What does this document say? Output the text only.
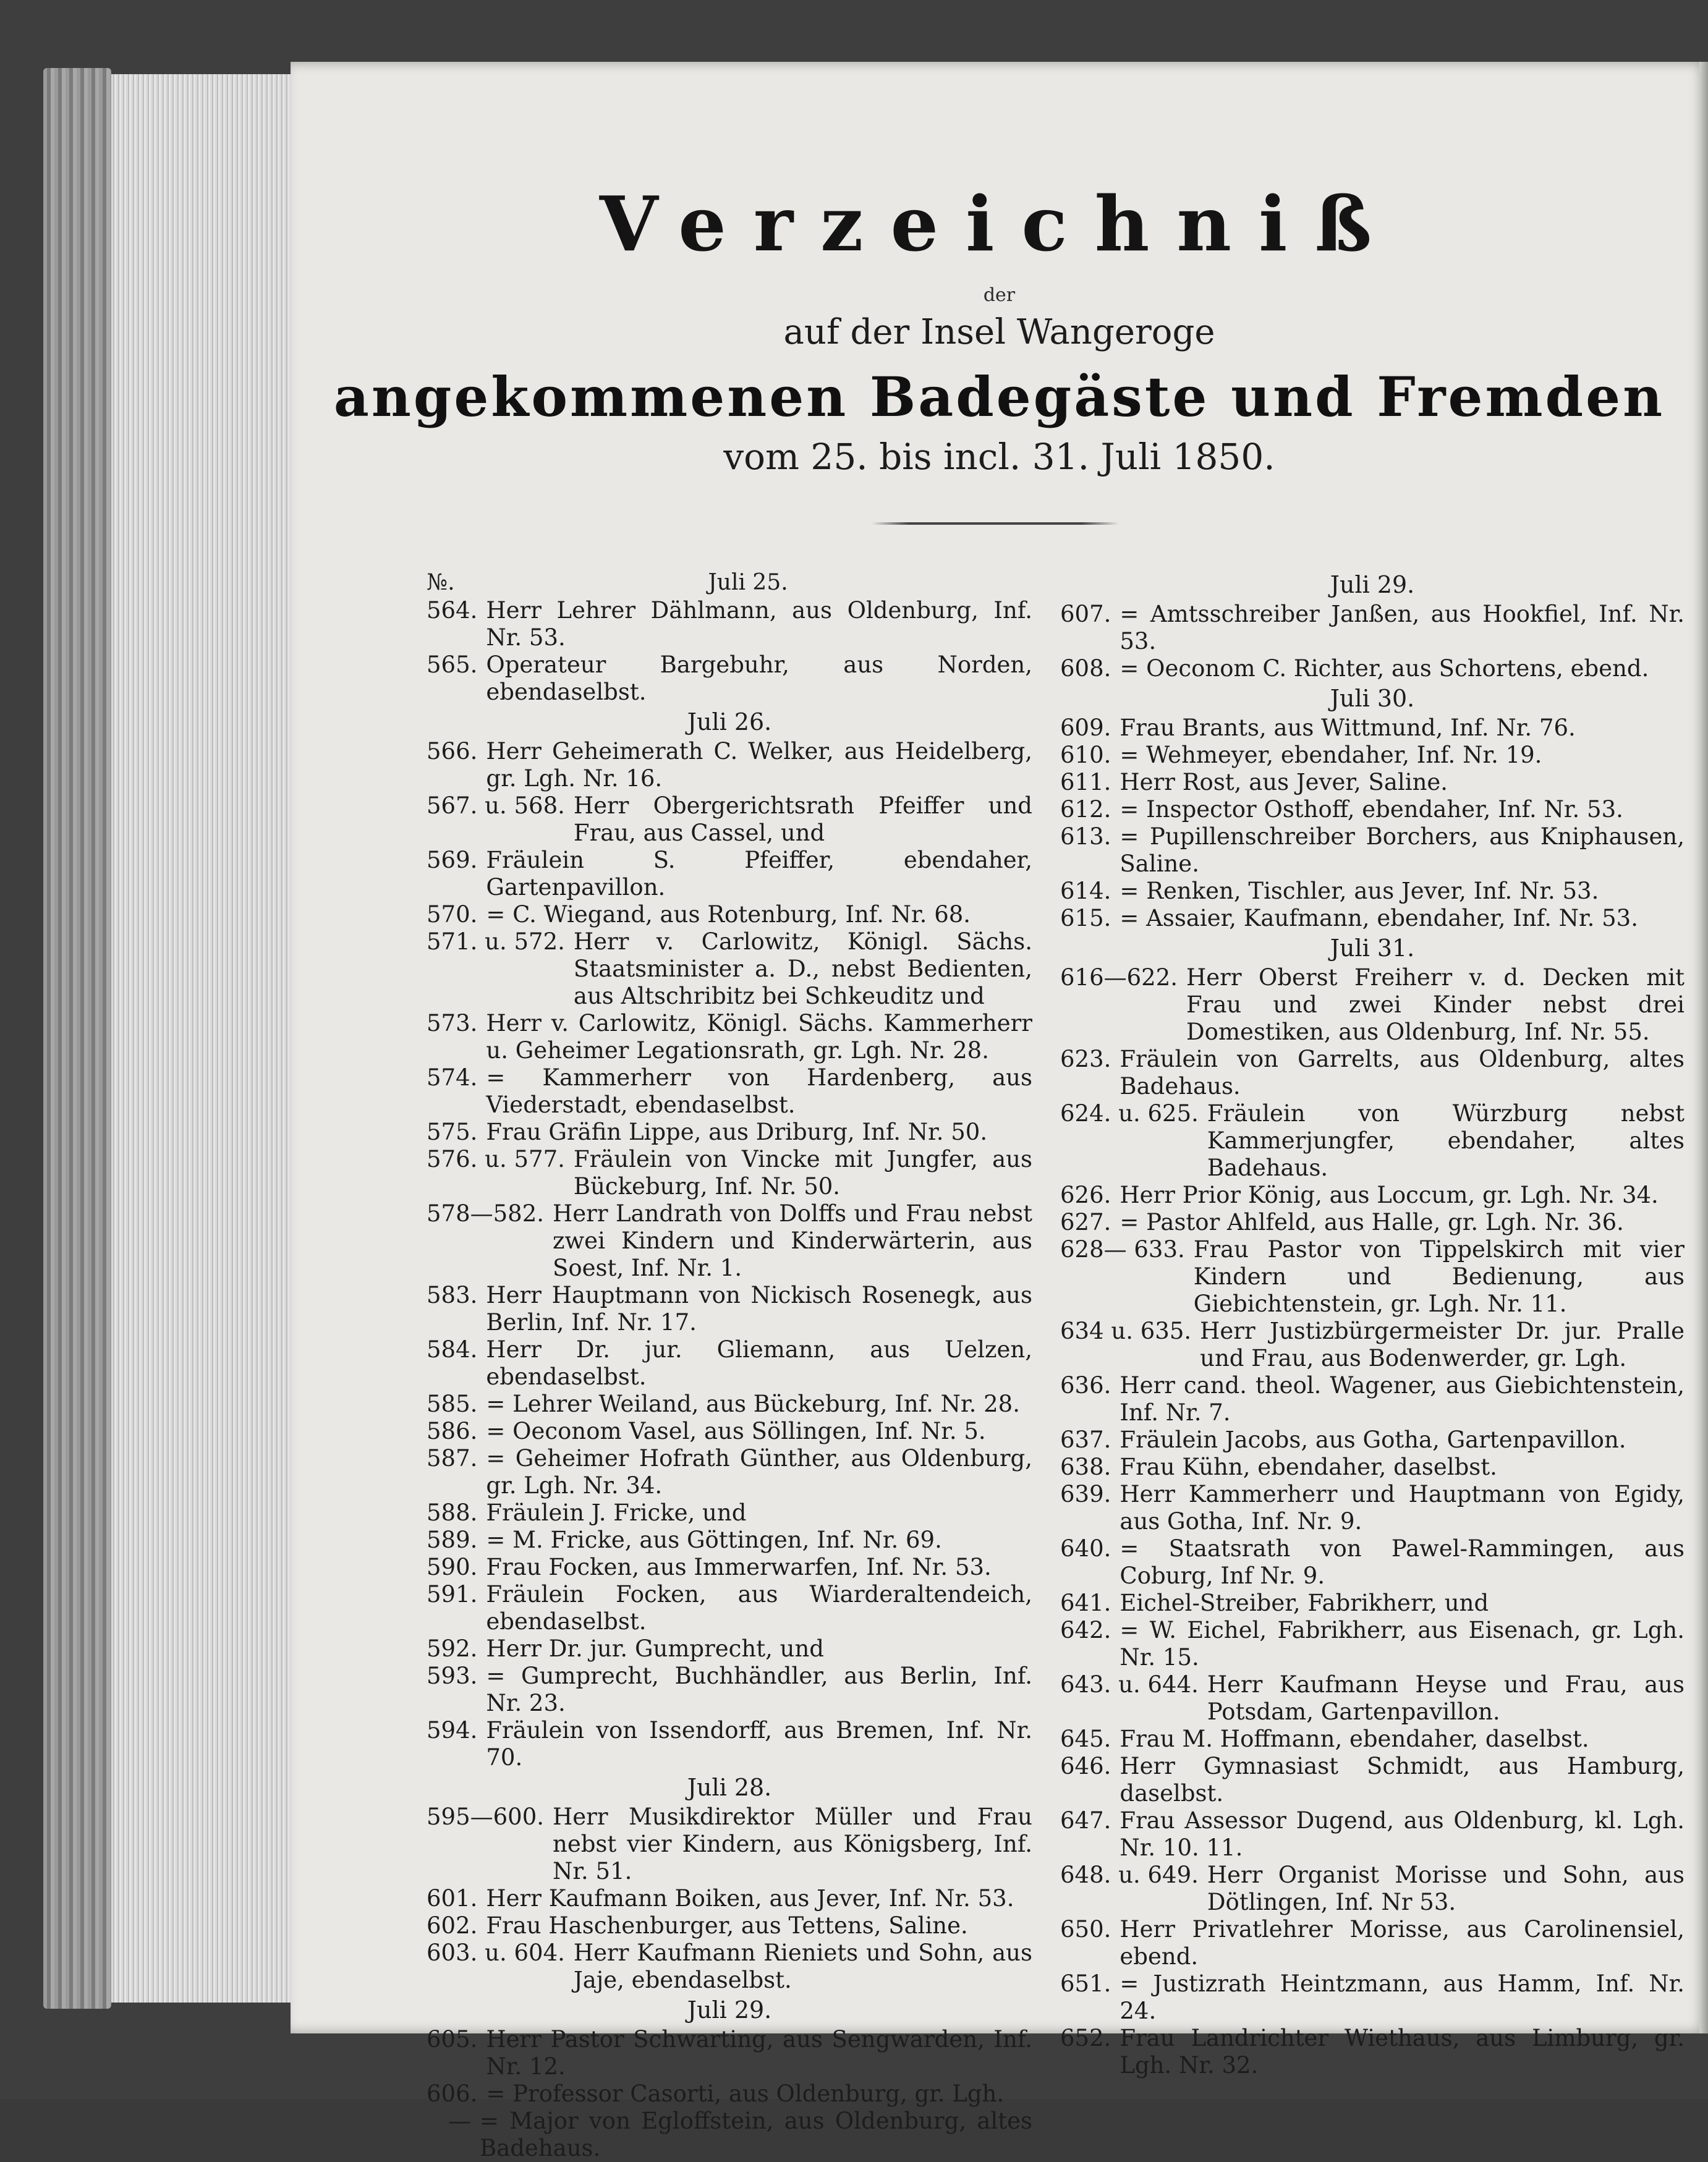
Verzeichniß
der
auf der Insel Wangeroge
angekommenen Badegäste und Fremden
vom 25. bis incl. 31. Juli 1850.
№.	Juli 25.
564. Herr Lehrer Dählmann, aus Oldenburg, Inf. Nr. 53.
565. Operateur Bargebuhr, aus Norden, ebendaselbst.
Juli 26.
566. Herr Geheimerath C. Welker, aus Heidelberg, gr. Lgh. Nr. 16.
567. u. 568. Herr Obergerichtsrath Pfeiffer und Frau, aus Cassel, und
569. Fräulein S. Pfeiffer, ebendaher, Gartenpavillon.
570. = C. Wiegand, aus Rotenburg, Inf. Nr. 68.
571. u. 572. Herr v. Carlowitz, Königl. Sächs. Staatsminister a. D., nebst Bedienten, aus Altschribitz bei Schkeuditz und
573. Herr v. Carlowitz, Königl. Sächs. Kammerherr u. Geheimer Legationsrath, gr. Lgh. Nr. 28.
574. = Kammerherr von Hardenberg, aus Viederstadt, ebendaselbst.
575. Frau Gräfin Lippe, aus Driburg, Inf. Nr. 50.
576. u. 577. Fräulein von Vincke mit Jungfer, aus Bückeburg, Inf. Nr. 50.
578—582. Herr Landrath von Dolffs und Frau nebst zwei Kindern und Kinderwärterin, aus Soest, Inf. Nr. 1.
583. Herr Hauptmann von Nickisch Rosenegk, aus Berlin, Inf. Nr. 17.
584. Herr Dr. jur. Gliemann, aus Uelzen, ebendaselbst.
585. = Lehrer Weiland, aus Bückeburg, Inf. Nr. 28.
586. = Oeconom Vasel, aus Söllingen, Inf. Nr. 5.
587. = Geheimer Hofrath Günther, aus Oldenburg, gr. Lgh. Nr. 34.
588. Fräulein J. Fricke, und
589. = M. Fricke, aus Göttingen, Inf. Nr. 69.
590. Frau Focken, aus Immerwarfen, Inf. Nr. 53.
591. Fräulein Focken, aus Wiarderaltendeich, ebendaselbst.
592. Herr Dr. jur. Gumprecht, und
593. = Gumprecht, Buchhändler, aus Berlin, Inf. Nr. 23.
594. Fräulein von Issendorff, aus Bremen, Inf. Nr. 70.
Juli 28.
595—600. Herr Musikdirektor Müller und Frau nebst vier Kindern, aus Königsberg, Inf. Nr. 51.
601. Herr Kaufmann Boiken, aus Jever, Inf. Nr. 53.
602. Frau Haschenburger, aus Tettens, Saline.
603. u. 604. Herr Kaufmann Rieniets und Sohn, aus Jaje, ebendaselbst.
Juli 29.
605. Herr Pastor Schwarting, aus Sengwarden, Inf. Nr. 12.
606. = Professor Casorti, aus Oldenburg, gr. Lgh.
— = Major von Egloffstein, aus Oldenburg, altes Badehaus.
Juli 29.
607. = Amtsschreiber Janßen, aus Hookfiel, Inf. Nr. 53.
608. = Oeconom C. Richter, aus Schortens, ebend.
Juli 30.
609. Frau Brants, aus Wittmund, Inf. Nr. 76.
610. = Wehmeyer, ebendaher, Inf. Nr. 19.
611. Herr Rost, aus Jever, Saline.
612. = Inspector Osthoff, ebendaher, Inf. Nr. 53.
613. = Pupillenschreiber Borchers, aus Kniphausen, Saline.
614. = Renken, Tischler, aus Jever, Inf. Nr. 53.
615. = Assaier, Kaufmann, ebendaher, Inf. Nr. 53.
Juli 31.
616—622. Herr Oberst Freiherr v. d. Decken mit Frau und zwei Kinder nebst drei Domestiken, aus Oldenburg, Inf. Nr. 55.
623. Fräulein von Garrelts, aus Oldenburg, altes Badehaus.
624. u. 625. Fräulein von Würzburg nebst Kammerjungfer, ebendaher, altes Badehaus.
626. Herr Prior König, aus Loccum, gr. Lgh. Nr. 34.
627. = Pastor Ahlfeld, aus Halle, gr. Lgh. Nr. 36.
628— 633. Frau Pastor von Tippelskirch mit vier Kindern und Bedienung, aus Giebichtenstein, gr. Lgh. Nr. 11.
634 u. 635. Herr Justizbürgermeister Dr. jur. Pralle und Frau, aus Bodenwerder, gr. Lgh.
636. Herr cand. theol. Wagener, aus Giebichtenstein, Inf. Nr. 7.
637. Fräulein Jacobs, aus Gotha, Gartenpavillon.
638. Frau Kühn, ebendaher, daselbst.
639. Herr Kammerherr und Hauptmann von Egidy, aus Gotha, Inf. Nr. 9.
640. = Staatsrath von Pawel-Rammingen, aus Coburg, Inf Nr. 9.
641. Eichel-Streiber, Fabrikherr, und
642. = W. Eichel, Fabrikherr, aus Eisenach, gr. Lgh. Nr. 15.
643. u. 644. Herr Kaufmann Heyse und Frau, aus Potsdam, Gartenpavillon.
645. Frau M. Hoffmann, ebendaher, daselbst.
646. Herr Gymnasiast Schmidt, aus Hamburg, daselbst.
647. Frau Assessor Dugend, aus Oldenburg, kl. Lgh. Nr. 10. 11.
648. u. 649. Herr Organist Morisse und Sohn, aus Dötlingen, Inf. Nr 53.
650. Herr Privatlehrer Morisse, aus Carolinensiel, ebend.
651. = Justizrath Heintzmann, aus Hamm, Inf. Nr. 24.
652. Frau Landrichter Wiethaus, aus Limburg, gr. Lgh. Nr. 32.
